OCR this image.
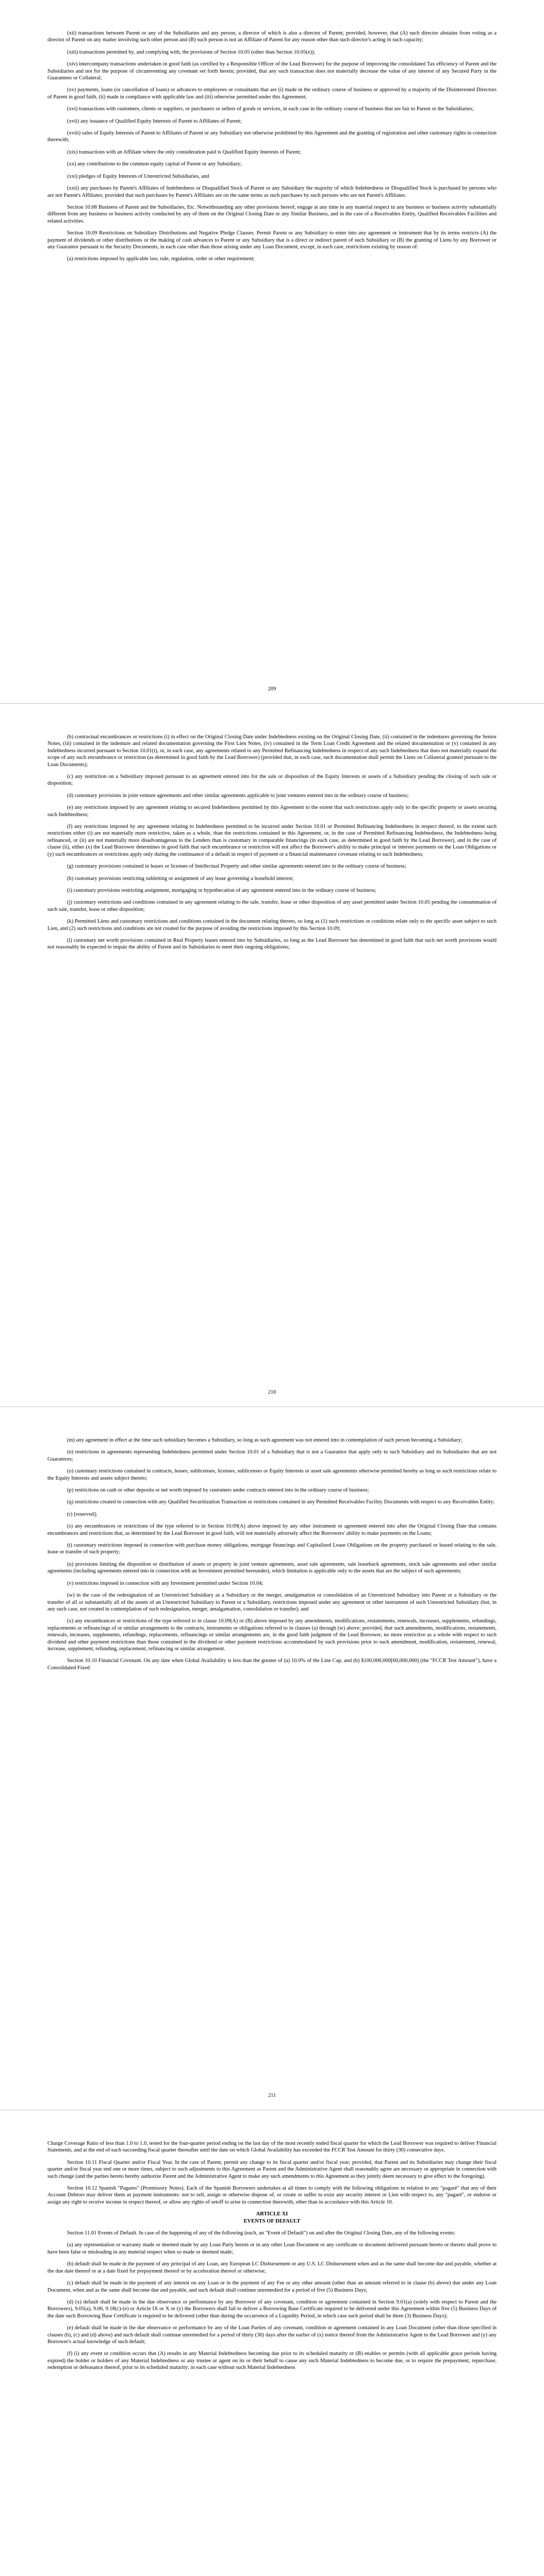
(xii) transactions between Parent or any of the Subsidiaries and any person, a director of which is also a director of Parent; provided, however, that (A) such director abstains from voting as a director of Parent on any matter involving such other person and (B) such person is not an Affiliate of Parent for any reason other than such director's acting in such capacity;

(xiii) transactions permitted by, and complying with, the provisions of Section 10.05 (other than Section 10.05(e));

(xiv) intercompany transactions undertaken in good faith (as certified by a Responsible Officer of the Lead Borrower) for the purpose of improving the consolidated Tax efficiency of Parent and the Subsidiaries and not for the purpose of circumventing any covenant set forth herein; provided, that any such transaction does not materially decrease the value of any interest of any Secured Party in the Guarantees or Collateral;

(xv) payments, loans (or cancellation of loans) or advances to employees or consultants that are (i) made in the ordinary course of business or approved by a majority of the Disinterested Directors of Parent in good faith, (ii) made in compliance with applicable law and (iii) otherwise permitted under this Agreement;

(xvi) transactions with customers, clients or suppliers, or purchasers or sellers of goods or services, in each case in the ordinary course of business that are fair to Parent or the Subsidiaries;

(xvii) any issuance of Qualified Equity Interests of Parent to Affiliates of Parent;

(xviii) sales of Equity Interests of Parent to Affiliates of Parent or any Subsidiary not otherwise prohibited by this Agreement and the granting of registration and other customary rights in connection therewith;

(xix) transactions with an Affiliate where the only consideration paid is Qualified Equity Interests of Parent;

(xx) any contributions to the common equity capital of Parent or any Subsidiary;

(xxi) pledges of Equity Interests of Unrestricted Subsidiaries, and

(xxii) any purchases by Parent's Affiliates of Indebtedness or Disqualified Stock of Parent or any Subsidiary the majority of which Indebtedness or Disqualified Stock is purchased by persons who are not Parent's Affiliates; provided that such purchases by Parent's Affiliates are on the same terms as such purchases by such persons who are not Parent's Affiliates.

Section 10.08 Business of Parent and the Subsidiaries, Etc. Notwithstanding any other provisions hereof, engage at any time in any material respect in any business or business activity substantially different from any business or business activity conducted by any of them on the Original Closing Date or any Similar Business, and in the case of a Receivables Entity, Qualified Receivables Facilities and related activities.

Section 10.09 Restrictions on Subsidiary Distributions and Negative Pledge Clauses. Permit Parent or any Subsidiary to enter into any agreement or instrument that by its terms restricts (A) the payment of dividends or other distributions or the making of cash advances to Parent or any Subsidiary that is a direct or indirect parent of such Subsidiary or (B) the granting of Liens by any Borrower or any Guarantor pursuant to the Security Documents, in each case other than those arising under any Loan Document, except, in each case, restrictions existing by reason of:

(a) restrictions imposed by applicable law, rule, regulation, order or other requirement;

209

(b) contractual encumbrances or restrictions (i) in effect on the Original Closing Date under Indebtedness existing on the Original Closing Date, (ii) contained in the indentures governing the Senior Notes, (iii) contained in the indenture and related documentation governing the First Lien Notes, (iv) contained in the Term Loan Credit Agreement and the related documentation or (v) contained in any Indebtedness incurred pursuant to Section 10.01(t), or, in each case, any agreements related to any Permitted Refinancing Indebtedness in respect of any such Indebtedness that does not materially expand the scope of any such encumbrance or restriction (as determined in good faith by the Lead Borrower) (provided that, in each case, such documentation shall permit the Liens on Collateral granted pursuant to the Loan Documents);

(c) any restriction on a Subsidiary imposed pursuant to an agreement entered into for the sale or disposition of the Equity Interests or assets of a Subsidiary pending the closing of such sale or disposition;

(d) customary provisions in joint venture agreements and other similar agreements applicable to joint ventures entered into in the ordinary course of business;

(e) any restrictions imposed by any agreement relating to secured Indebtedness permitted by this Agreement to the extent that such restrictions apply only to the specific property or assets securing such Indebtedness;

(f) any restrictions imposed by any agreement relating to Indebtedness permitted to be incurred under Section 10.01 or Permitted Refinancing Indebtedness in respect thereof, to the extent such restrictions either (i) are not materially more restrictive, taken as a whole, than the restrictions contained in this Agreement, or, in the case of Permitted Refinancing Indebtedness, the Indebtedness being refinanced, or (ii) are not materially more disadvantageous to the Lenders than is customary in comparable financings (in each case, as determined in good faith by the Lead Borrower), and in the case of clause (ii), either (x) the Lead Borrower determines in good faith that such encumbrance or restriction will not affect the Borrower's ability to make principal or interest payments on the Loan Obligations or (y) such encumbrances or restrictions apply only during the continuance of a default in respect of payment or a financial maintenance covenant relating to such Indebtedness;

(g) customary provisions contained in leases or licenses of Intellectual Property and other similar agreements entered into in the ordinary course of business;

(h) customary provisions restricting subletting or assignment of any lease governing a leasehold interest;

(i) customary provisions restricting assignment, mortgaging or hypothecation of any agreement entered into in the ordinary course of business;

(j) customary restrictions and conditions contained in any agreement relating to the sale, transfer, lease or other disposition of any asset permitted under Section 10.05 pending the consummation of such sale, transfer, lease or other disposition;

(k) Permitted Liens and customary restrictions and conditions contained in the document relating thereto, so long as (1) such restrictions or conditions relate only to the specific asset subject to such Lien, and (2) such restrictions and conditions are not created for the purpose of avoiding the restrictions imposed by this Section 10.09;

(l) customary net worth provisions contained in Real Property leases entered into by Subsidiaries, so long as the Lead Borrower has determined in good faith that such net worth provisions would not reasonably be expected to impair the ability of Parent and its Subsidiaries to meet their ongoing obligations;

210

(m) any agreement in effect at the time such subsidiary becomes a Subsidiary, so long as such agreement was not entered into in contemplation of such person becoming a Subsidiary;

(n) restrictions in agreements representing Indebtedness permitted under Section 10.01 of a Subsidiary that is not a Guarantor that apply only to such Subsidiary and its Subsidiaries that are not Guarantors;

(o) customary restrictions contained in contracts, leases, sublicenses, licenses, sublicenses or Equity Interests or asset sale agreements otherwise permitted hereby as long as such restrictions relate to the Equity Interests and assets subject thereto;

(p) restrictions on cash or other deposits or net worth imposed by customers under contracts entered into in the ordinary course of business;

(q) restrictions created in connection with any Qualified Securitization Transaction or restrictions contained in any Permitted Receivables Facility Documents with respect to any Receivables Entity;

(r) [reserved];

(s) any encumbrances or restrictions of the type referred to in Section 10.09(A) above imposed by any other instrument or agreement entered into after the Original Closing Date that contains encumbrances and restrictions that, as determined by the Lead Borrower in good faith, will not materially adversely affect the Borrowers' ability to make payments on the Loans;

(t) customary restrictions imposed in connection with purchase money obligations, mortgage financings and Capitalized Lease Obligations on the property purchased or leased relating to the sale, lease or transfer of such property;

(u) provisions limiting the disposition or distribution of assets or property in joint venture agreements, asset sale agreements, sale leaseback agreements, stock sale agreements and other similar agreements (including agreements entered into in connection with an Investment permitted hereunder), which limitation is applicable only to the assets that are the subject of such agreements;

(v) restrictions imposed in connection with any Investment permitted under Section 10.04;

(w) in the case of the redesignation of an Unrestricted Subsidiary as a Subsidiary or the merger, amalgamation or consolidation of an Unrestricted Subsidiary into Parent or a Subsidiary or the transfer of all or substantially all of the assets of an Unrestricted Subsidiary to Parent or a Subsidiary, restrictions imposed under any agreement or other instrument of such Unrestricted Subsidiary (but, in any such case, not created in contemplation of such redesignation, merger, amalgamation, consolidation or transfer); and

(x) any encumbrances or restrictions of the type referred to in clause 10.09(A) or (B) above imposed by any amendments, modifications, restatements, renewals, increases, supplements, refundings, replacements or refinancings of or similar arrangements to the contracts, instruments or obligations referred to in clauses (a) through (w) above; provided, that such amendments, modifications, restatements, renewals, increases, supplements, refundings, replacements, refinancings or similar arrangements are, in the good faith judgment of the Lead Borrower, no more restrictive as a whole with respect to such dividend and other payment restrictions than those contained in the dividend or other payment restrictions accommodated by such provisions prior to such amendment, modification, restatement, renewal, increase, supplement, refunding, replacement, refinancing or similar arrangement.

Section 10.10 Financial Covenant. On any date when Global Availability is less than the greater of (a) 10.0% of the Line Cap, and (b) $100,000,000[60,000,000] (the "FCCR Test Amount"), have a Consolidated Fixed

211

Charge Coverage Ratio of less than 1.0 to 1.0, tested for the four-quarter period ending on the last day of the most recently ended fiscal quarter for which the Lead Borrower was required to deliver Financial Statements, and at the end of each succeeding fiscal quarter thereafter until the date on which Global Availability has exceeded the FCCR Test Amount for thirty (30) consecutive days.

Section 10.11 Fiscal Quarter and/or Fiscal Year. In the case of Parent, permit any change to its fiscal quarter and/or fiscal year; provided, that Parent and its Subsidiaries may change their fiscal quarter and/or fiscal year end one or more times, subject to such adjustments to this Agreement as Parent and the Administrative Agent shall reasonably agree are necessary or appropriate in connection with such change (and the parties hereto hereby authorize Parent and the Administrative Agent to make any such amendments to this Agreement as they jointly deem necessary to give effect to the foregoing).

Section 10.12 Spanish "Pagares" (Promissory Notes). Each of the Spanish Borrowers undertakes at all times to comply with the following obligations in relation to any "pagaré" that any of their Account Debtors may deliver them as payment instruments: not to sell, assign or otherwise dispose of, or create or suffer to exist any security interest or Lien with respect to, any "pagaré", or endorse or assign any right to receive income in respect thereof, or allow any rights of setoff to arise in connection therewith, other than in accordance with this Article 10.

ARTICLE XI

EVENTS OF DEFAULT

Section 11.01 Events of Default. In case of the happening of any of the following (each, an "Event of Default") on and after the Original Closing Date, any of the following events:

(a) any representation or warranty made or deemed made by any Loan Party herein or in any other Loan Document or any certificate or document delivered pursuant hereto or thereto shall prove to have been false or misleading in any material respect when so made or deemed made;

(b) default shall be made in the payment of any principal of any Loan, any European LC Disbursement or any U.S. LC Disbursement when and as the same shall become due and payable, whether at the due date thereof or at a date fixed for prepayment thereof or by acceleration thereof or otherwise;

(c) default shall be made in the payment of any interest on any Loan or in the payment of any Fee or any other amount (other than an amount referred to in clause (b) above) due under any Loan Document, when and as the same shall become due and payable, and such default shall continue unremedied for a period of five (5) Business Days;

(d) (x) default shall be made in the due observance or performance by any Borrower of any covenant, condition or agreement contained in Section 9.01(a) (solely with respect to Parent and the Borrowers), 9.05(a), 9.06, 9.18(c)-(e) or Article IX or X or (y) the Borrowers shall fail to deliver a Borrowing Base Certificate required to be delivered under this Agreement within five (5) Business Days of the date such Borrowing Base Certificate is required to be delivered (other than during the occurrence of a Liquidity Period, in which case such period shall be three (3) Business Days);

(e) default shall be made in the due observance or performance by any of the Loan Parties of any covenant, condition or agreement contained in any Loan Document (other than those specified in clauses (b), (c) and (d) above) and such default shall continue unremedied for a period of thirty (30) days after the earlier of (x) notice thereof from the Administrative Agent to the Lead Borrower and (y) any Borrower's actual knowledge of such default;

(f) (i) any event or condition occurs that (A) results in any Material Indebtedness becoming due prior to its scheduled maturity or (B) enables or permits (with all applicable grace periods having expired) the holder or holders of any Material Indebtedness or any trustee or agent on its or their behalf to cause any such Material Indebtedness to become due, or to require the prepayment, repurchase, redemption or defeasance thereof, prior to its scheduled maturity; in each case without such Material Indebtedness
